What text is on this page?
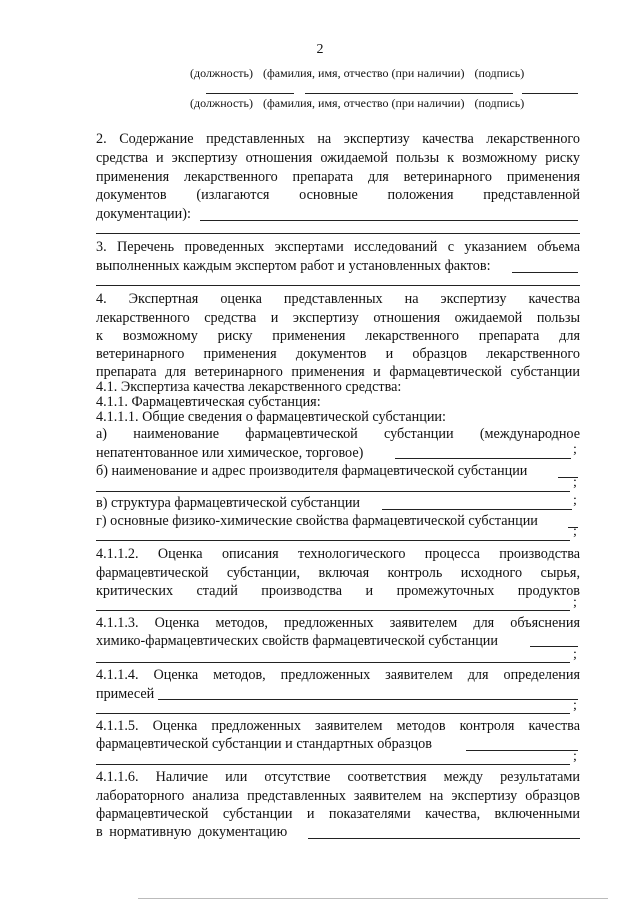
2
(должность) (фамилия, имя, отчество (при наличии) (подпись)
(должность) (фамилия, имя, отчество (при наличии) (подпись)
2. Содержание представленных на экспертизу качества лекарственного
средства и экспертизу отношения ожидаемой пользы к возможному риску
применения лекарственного препарата для ветеринарного применения
документов (излагаются основные положения представленной
документации):
3. Перечень проведенных экспертами исследований с указанием объема
выполненных каждым экспертом работ и установленных фактов:
4. Экспертная оценка представленных на экспертизу качества
лекарственного средства и экспертизу отношения ожидаемой пользы
к возможному риску применения лекарственного препарата для
ветеринарного применения документов и образцов лекарственного
препарата для ветеринарного применения и фармацевтической субстанции
4.1. Экспертиза качества лекарственного средства:
4.1.1. Фармацевтическая субстанция:
4.1.1.1. Общие сведения о фармацевтической субстанции:
а) наименование фармацевтической субстанции (международное
непатентованное или химическое, торговое)	;
б) наименование и адрес производителя фармацевтической субстанции
;
в) структура фармацевтической субстанции	;
г) основные физико-химические свойства фармацевтической субстанции
;
4.1.1.2. Оценка описания технологического процесса производства
фармацевтической субстанции, включая контроль исходного сырья,
критических стадий производства и промежуточных продуктов
;
4.1.1.3. Оценка методов, предложенных заявителем для объяснения
химико-фармацевтических свойств фармацевтической субстанции
;
4.1.1.4. Оценка методов, предложенных заявителем для определения
примесей
;
4.1.1.5. Оценка предложенных заявителем методов контроля качества
фармацевтической субстанции и стандартных образцов
;
4.1.1.6. Наличие или отсутствие соответствия между результатами
лабораторного анализа представленных заявителем на экспертизу образцов
фармацевтической субстанции и показателями качества, включенными
в нормативную документацию
